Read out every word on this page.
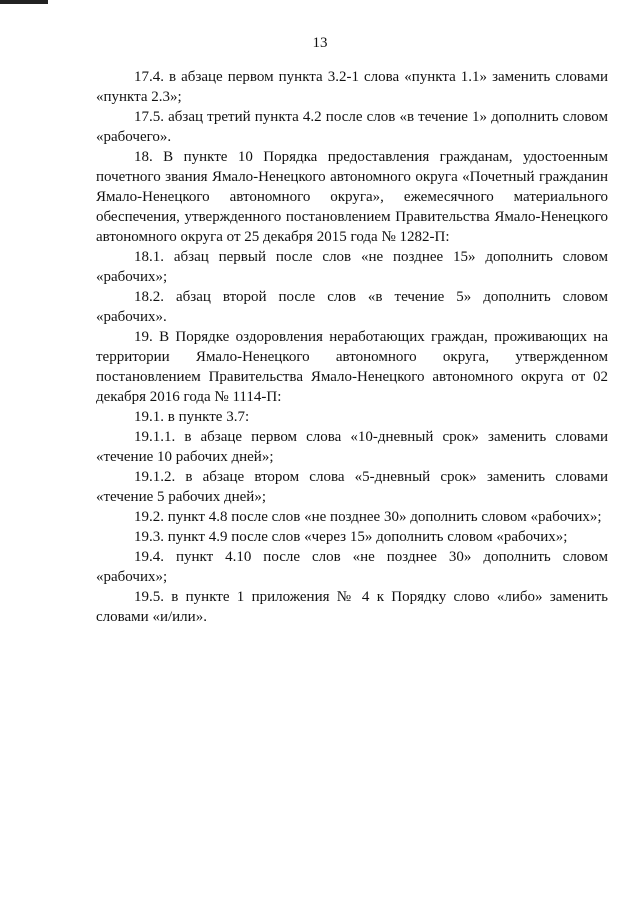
13

17.4. в абзаце первом пункта 3.2-1 слова «пункта 1.1» заменить словами «пункта 2.3»;

17.5. абзац третий пункта 4.2 после слов «в течение 1» дополнить словом «рабочего».

18. В пункте 10 Порядка предоставления гражданам, удостоенным почетного звания Ямало-Ненецкого автономного округа «Почетный гражданин Ямало-Ненецкого автономного округа», ежемесячного материального обеспечения, утвержденного постановлением Правительства Ямало-Ненецкого автономного округа от 25 декабря 2015 года № 1282-П:

18.1. абзац первый после слов «не позднее 15» дополнить словом «рабочих»;

18.2. абзац второй после слов «в течение 5» дополнить словом «рабочих».

19. В Порядке оздоровления неработающих граждан, проживающих на территории Ямало-Ненецкого автономного округа, утвержденном постановлением Правительства Ямало-Ненецкого автономного округа от 02 декабря 2016 года № 1114-П:

19.1. в пункте 3.7:

19.1.1. в абзаце первом слова «10-дневный срок» заменить словами «течение 10 рабочих дней»;

19.1.2. в абзаце втором слова «5-дневный срок» заменить словами «течение 5 рабочих дней»;

19.2. пункт 4.8 после слов «не позднее 30» дополнить словом «рабочих»;

19.3. пункт 4.9 после слов «через 15» дополнить словом «рабочих»;

19.4. пункт 4.10 после слов «не позднее 30» дополнить словом «рабочих»;

19.5. в пункте 1 приложения № 4 к Порядку слово «либо» заменить словами «и/или».
